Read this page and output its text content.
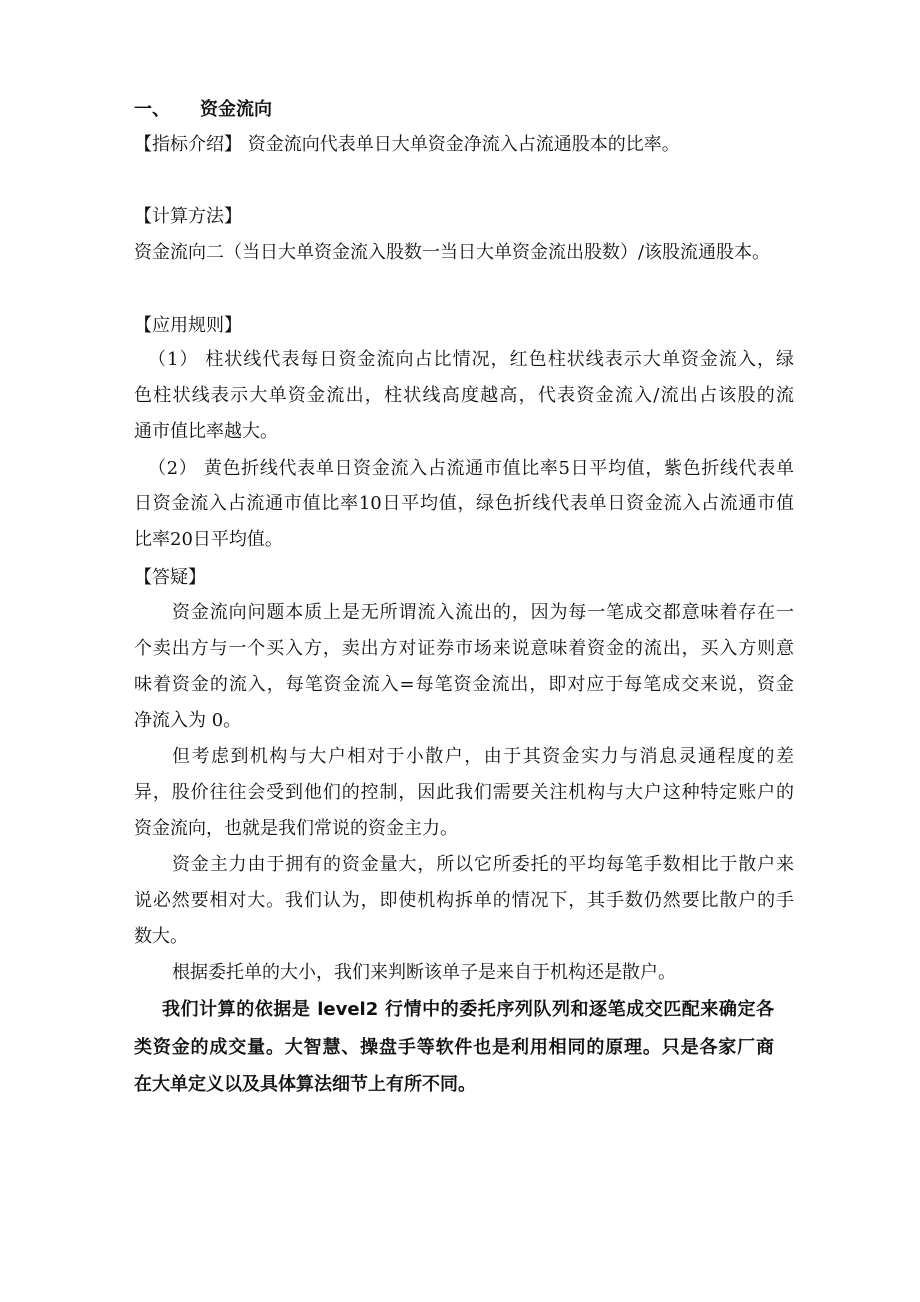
一、 资金流向
【指标介绍】 资金流向代表单日大单资金净流入占流通股本的比率。
【计算方法】
资金流向二（当日大单资金流入股数一当日大单资金流出股数）/该股流通股本。
【应用规则】
（1） 柱状线代表每日资金流向占比情况，红色柱状线表示大单资金流入，绿
色柱状线表示大单资金流出，柱状线高度越高，代表资金流入/流出占该股的流
通市值比率越大。
（2） 黄色折线代表单日资金流入占流通市值比率5日平均值，紫色折线代表单
日资金流入占流通市值比率10日平均值，绿色折线代表单日资金流入占流通市值
比率20日平均值。
【答疑】
资金流向问题本质上是无所谓流入流出的，因为每一笔成交都意味着存在一
个卖出方与一个买入方，卖出方对证券市场来说意味着资金的流出，买入方则意
味着资金的流入，每笔资金流入=每笔资金流出，即对应于每笔成交来说，资金
净流入为 0。
但考虑到机构与大户相对于小散户，由于其资金实力与消息灵通程度的差
异，股价往往会受到他们的控制，因此我们需要关注机构与大户这种特定账户的
资金流向，也就是我们常说的资金主力。
资金主力由于拥有的资金量大，所以它所委托的平均每笔手数相比于散户来
说必然要相对大。我们认为，即使机构拆单的情况下，其手数仍然要比散户的手
数大。
根据委托单的大小，我们来判断该单子是来自于机构还是散户。
我们计算的依据是 level2 行情中的委托序列队列和逐笔成交匹配来确定各
类资金的成交量。大智慧、操盘手等软件也是利用相同的原理。只是各家厂商
在大单定义以及具体算法细节上有所不同。
